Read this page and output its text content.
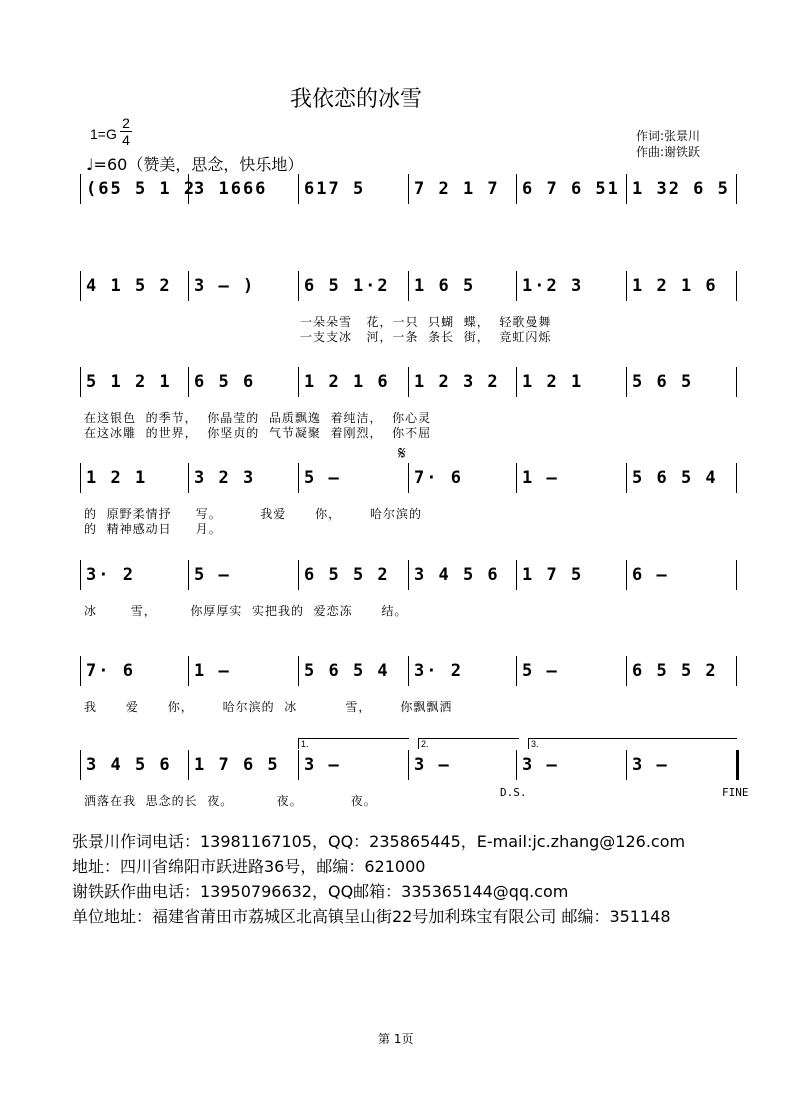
我依恋的冰雪
1=G
2
4
♩=60（赞美，思念，快乐地）
作词:张景川
作曲:谢铁跃
(65 5 1 2
3 1666 617 5	7 2 1 7 6 7 6 51 1 32 6 5
4 1 5 2 3 – )	6 5 1·2 1 6 5	1·2 3	1 2 1 6
一朵朵雪   花，一只  只蝴  蝶，  轻歌曼舞
一支支冰   河，一条  条长  街，  竞虹闪烁
5 1 2 1 6 5 6	1 2 1 6 1 2 3 2 1 2 1	5 6 5
在这银色  的季节，  你晶莹的  品质飘逸  着纯洁，  你心灵
在这冰雕  的世界，  你坚贞的  气节凝聚  着刚烈，  你不屈
1 2 1	3 2 3	5 –	7· 6	1 –	5 6 5 4
的  原野柔情抒     写。        我爱      你，      哈尔滨的
的  精神感动日     月。
3· 2	5 –	6 5 5 2 3 4 5 6 1 7 5	6 –
冰       雪，       你厚厚实  实把我的  爱恋冻      结。
7· 6	1 –	5 6 5 4 3· 2	5 –	6 5 5 2
我      爱      你，      哈尔滨的  冰          雪，      你飘飘洒
3 4 5 6 1 7 6 5 3 –	3 –	3 –	3 –
洒落在我  思念的长  夜。         夜。          夜。
𝄋
1.	2.	3.
D.S.	FINE
张景川作词电话：13981167105，QQ：235865445，E-mail:jc.zhang@126.com
地址：四川省绵阳市跃进路36号，邮编：621000
谢铁跃作曲电话：13950796632，QQ邮箱：335365144@qq.com
单位地址：福建省莆田市荔城区北高镇呈山街22号加利珠宝有限公司 邮编：351148
第 1页
